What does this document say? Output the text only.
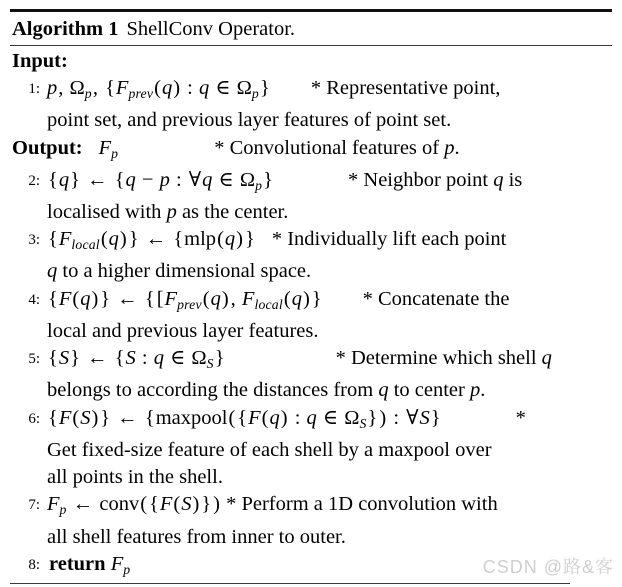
Algorithm 1 ShellConv Operator.
Input:
1: p, $\Omega_p$, {$F_{prev}(q)$ : q ∈ $\Omega_p$} * Representative point,
point set, and previous layer features of point set.
Output: $F_p$	* Convolutional features of p.
2: {q} ← {q − p : ∀q ∈ $\Omega_p$}	* Neighbor point q is
localised with p as the center.
3: $\{F_{local}(q)\}$ ← {mlp(q)} * Individually lift each point
q to a higher dimensional space.
4: {F(q)} ← {[$F_{prev}(q)$, $F_{local}(q)$} * Concatenate the
local and previous layer features.
5: {S} ← {S : q ∈ $\Omega_S$}	* Determine which shell q
belongs to according the distances from q to center p.
6: {F(S)} ← {maxpool({F(q) : q ∈ $\Omega_S$}) : ∀S}	*
Get fixed-size feature of each shell by a maxpool over
all points in the shell.
7: $F_p$ ← conv({F(S)}) * Perform a 1D convolution with
all shell features from inner to outer.
8: return $F_p$	CSDN @路&客
